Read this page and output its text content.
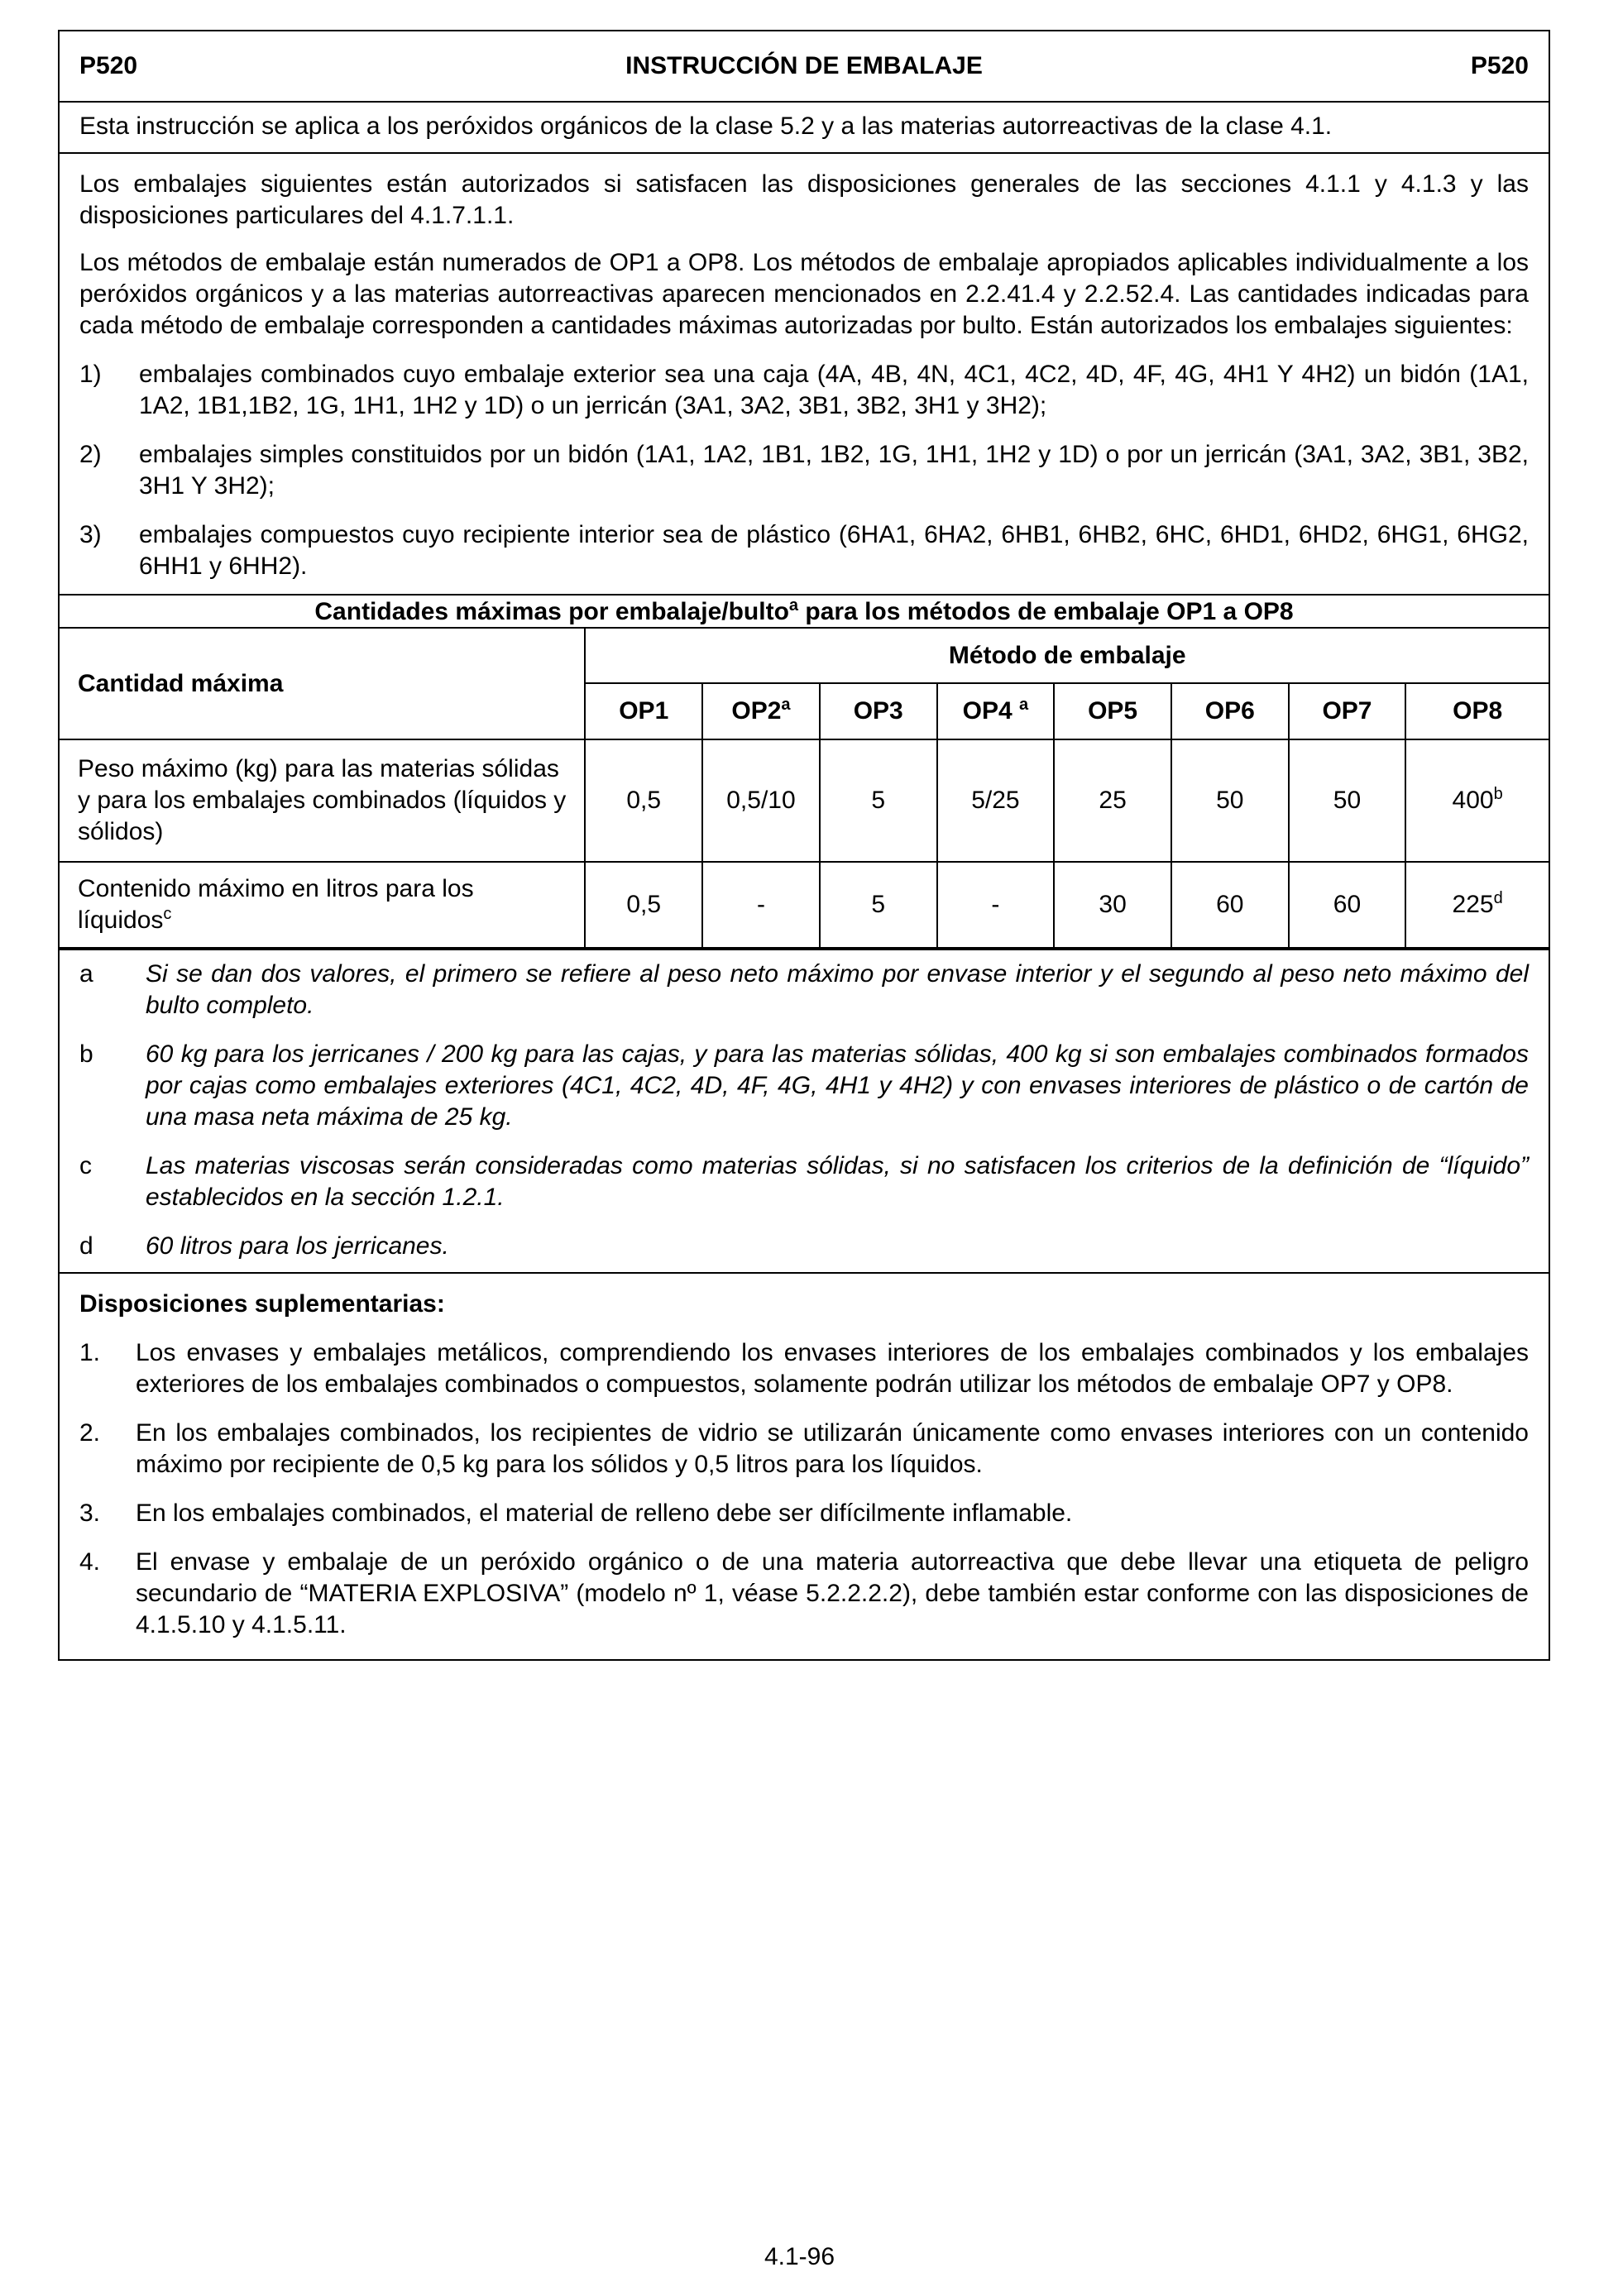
P520	INSTRUCCIÓN DE EMBALAJE	P520
Esta instrucción se aplica a los peróxidos orgánicos de la clase 5.2 y a las materias autorreactivas de la clase 4.1.

Los embalajes siguientes están autorizados si satisfacen las disposiciones generales de las secciones 4.1.1 y 4.1.3 y las disposiciones particulares del 4.1.7.1.1.

Los métodos de embalaje están numerados de OP1 a OP8. Los métodos de embalaje apropiados aplicables individualmente a los peróxidos orgánicos y a las materias autorreactivas aparecen mencionados en 2.2.41.4 y 2.2.52.4. Las cantidades indicadas para cada método de embalaje corresponden a cantidades máximas autorizadas por bulto. Están autorizados los embalajes siguientes:

1)	embalajes combinados cuyo embalaje exterior sea una caja (4A, 4B, 4N, 4C1, 4C2, 4D, 4F, 4G, 4H1 Y 4H2) un bidón (1A1, 1A2, 1B1,1B2, 1G, 1H1, 1H2 y 1D) o un jerricán (3A1, 3A2, 3B1, 3B2, 3H1 y 3H2);
2)	embalajes simples constituidos por un bidón (1A1, 1A2, 1B1, 1B2, 1G, 1H1, 1H2 y 1D) o por un jerricán (3A1, 3A2, 3B1, 3B2, 3H1 Y 3H2);
3)	embalajes compuestos cuyo recipiente interior sea de plástico (6HA1, 6HA2, 6HB1, 6HB2, 6HC, 6HD1, 6HD2, 6HG1, 6HG2, 6HH1 y 6HH2).
Cantidades máximas por embalaje/bulto$^a$ para los métodos de embalaje OP1 a OP8
Cantidad máxima	Método de embalaje							
	OP1	OP2$^a$	OP3	OP4 $^a$	OP5	OP6	OP7	OP8
Peso máximo (kg) para las materias sólidas y para los embalajes combinados (líquidos y sólidos)	0,5	0,5/10	5	5/25	25	50	50	400$^b$
Contenido máximo en litros para los líquidos$^c$	0,5	-	5	-	30	60	60	225$^d$
a	Si se dan dos valores, el primero se refiere al peso neto máximo por envase interior y el segundo al peso neto máximo del bulto completo.
b	60 kg para los jerricanes / 200 kg para las cajas, y para las materias sólidas, 400 kg si son embalajes combinados formados por cajas como embalajes exteriores (4C1, 4C2, 4D, 4F, 4G, 4H1 y 4H2) y con envases interiores de plástico o de cartón de una masa neta máxima de 25 kg.
c	Las materias viscosas serán consideradas como materias sólidas, si no satisfacen los criterios de la definición de “líquido” establecidos en la sección 1.2.1.
d	60 litros para los jerricanes.
Disposiciones suplementarias:
1.	Los envases y embalajes metálicos, comprendiendo los envases interiores de los embalajes combinados y los embalajes exteriores de los embalajes combinados o compuestos, solamente podrán utilizar los métodos de embalaje OP7 y OP8.
2.	En los embalajes combinados, los recipientes de vidrio se utilizarán únicamente como envases interiores con un contenido máximo por recipiente de 0,5 kg para los sólidos y 0,5 litros para los líquidos.
3.	En los embalajes combinados, el material de relleno debe ser difícilmente inflamable.
4.	El envase y embalaje de un peróxido orgánico o de una materia autorreactiva que debe llevar una etiqueta de peligro secundario de “MATERIA EXPLOSIVA” (modelo nº 1, véase 5.2.2.2.2), debe también estar conforme con las disposiciones de 4.1.5.10 y 4.1.5.11.
4.1-96
